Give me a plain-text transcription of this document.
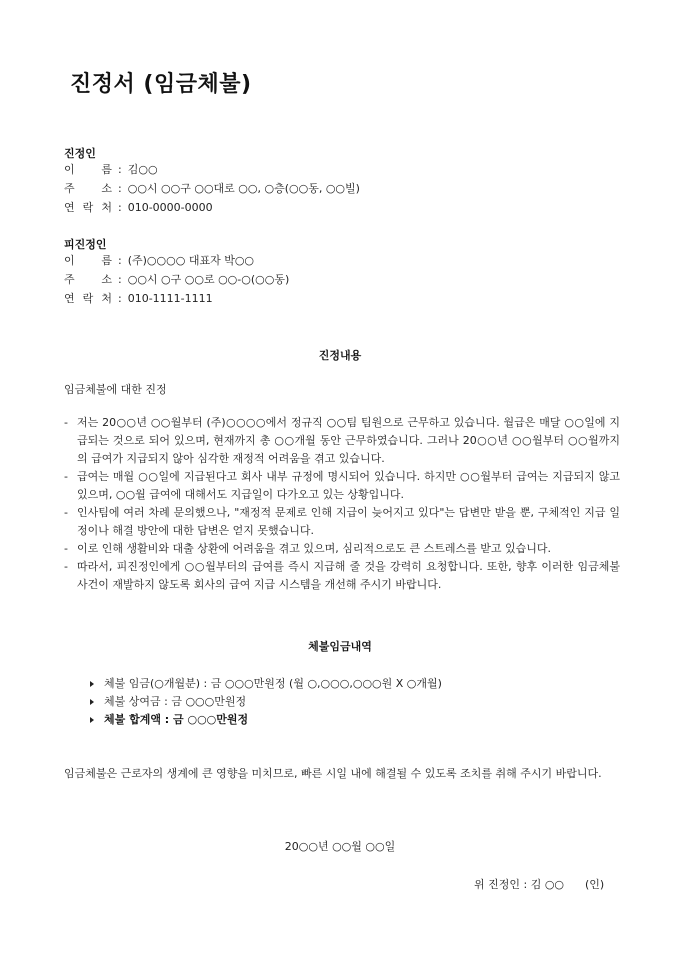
진정서 (임금체불)
진정인
이 름 : 김○○
주 소 : ○○시 ○○구 ○○대로 ○○, ○층(○○동, ○○빌)
연 락 처 : 010-0000-0000
피진정인
이 름 : (주)○○○○ 대표자 박○○
주 소 : ○○시 ○구 ○○로 ○○-○(○○동)
연 락 처 : 010-1111-1111
진정내용
임금체불에 대한 진정
- 저는 20○○년 ○○월부터 (주)○○○○에서 정규직 ○○팀 팀원으로 근무하고 있습니다. 월급은 매달 ○○일에 지급되는 것으로 되어 있으며, 현재까지 총 ○○개월 동안 근무하였습니다. 그러나 20○○년 ○○월부터 ○○월까지의 급여가 지급되지 않아 심각한 재정적 어려움을 겪고 있습니다.
- 급여는 매월 ○○일에 지급된다고 회사 내부 규정에 명시되어 있습니다. 하지만 ○○월부터 급여는 지급되지 않고 있으며, ○○월 급여에 대해서도 지급일이 다가오고 있는 상황입니다.
- 인사팀에 여러 차례 문의했으나, "재정적 문제로 인해 지급이 늦어지고 있다"는 답변만 받을 뿐, 구체적인 지급 일정이나 해결 방안에 대한 답변은 얻지 못했습니다.
- 이로 인해 생활비와 대출 상환에 어려움을 겪고 있으며, 심리적으로도 큰 스트레스를 받고 있습니다.
- 따라서, 피진정인에게 ○○월부터의 급여를 즉시 지급해 줄 것을 강력히 요청합니다. 또한, 향후 이러한 임금체불 사건이 재발하지 않도록 회사의 급여 지급 시스템을 개선해 주시기 바랍니다.
체불임금내역
체불 임금(○개월분) : 금 ○○○만원정 (월 ○,○○○,○○○원 X ○개월)
체불 상여금 : 금 ○○○만원정
체불 합계액 : 금 ○○○만원정

임금체불은 근로자의 생계에 큰 영향을 미치므로, 빠른 시일 내에 해결될 수 있도록 조치를 취해 주시기 바랍니다.

20○○년 ○○월 ○○일
위 진정인 : 김 ○○      (인)
